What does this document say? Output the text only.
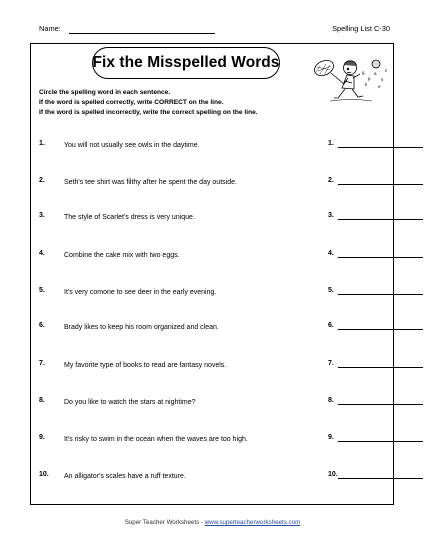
Name:	Spelling List C-30
Fix the Misspelled Words
g
p
a
s
k e
z
Circle the spelling word in each sentence.
If the word is spelled correctly, write CORRECT on the line.
If the word is spelled incorrectly, write the correct spelling on the line.
1.	You will not usually see owls in the daytime.	1.
2.	Seth's tee shirt was filthy after he spent the day outside.	2.
3.	The style of Scarlet's dress is very unique.	3.
4.	Combine the cake mix with two eggs.	4.
5.	It's very comone to see deer in the early evening.	5.
6.	Brady likes to keep his room organized and clean.	6.
7.	My favorite type of books to read are fantasy novels.	7.
8.	Do you like to watch the stars at nightime?	8.
9.	It's risky to swim in the ocean when the waves are too high.	9.
10.	An alligator's scales have a ruff texture.	10.
Super Teacher Worksheets - www.superteacherworksheets.com
